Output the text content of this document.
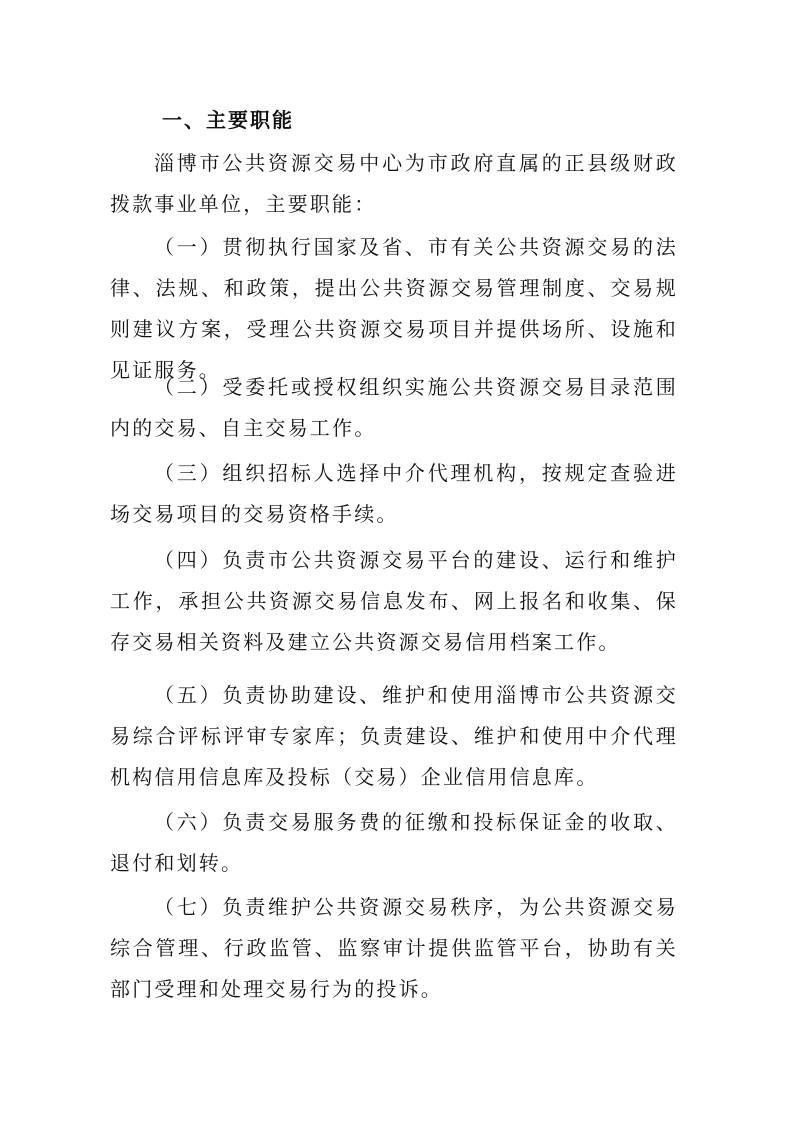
一、主要职能

淄博市公共资源交易中心为市政府直属的正县级财政拨款事业单位，主要职能：

（一）贯彻执行国家及省、市有关公共资源交易的法律、法规、和政策，提出公共资源交易管理制度、交易规则建议方案，受理公共资源交易项目并提供场所、设施和见证服务。

（二）受委托或授权组织实施公共资源交易目录范围内的交易、自主交易工作。

（三）组织招标人选择中介代理机构，按规定查验进场交易项目的交易资格手续。

（四）负责市公共资源交易平台的建设、运行和维护工作，承担公共资源交易信息发布、网上报名和收集、保存交易相关资料及建立公共资源交易信用档案工作。

（五）负责协助建设、维护和使用淄博市公共资源交易综合评标评审专家库；负责建设、维护和使用中介代理机构信用信息库及投标（交易）企业信用信息库。

（六）负责交易服务费的征缴和投标保证金的收取、退付和划转。

（七）负责维护公共资源交易秩序，为公共资源交易综合管理、行政监管、监察审计提供监管平台，协助有关部门受理和处理交易行为的投诉。
